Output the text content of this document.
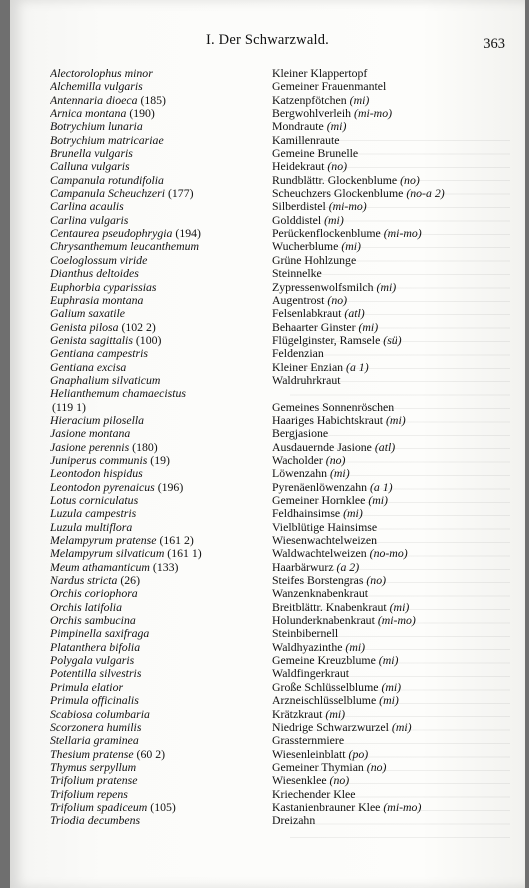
I. Der Schwarzwald.	363
Alectorolophus minor	Kleiner Klappertopf
Alchemilla vulgaris	Gemeiner Frauenmantel
Antennaria dioeca (185)	Katzenpfötchen (mi)
Arnica montana (190)	Bergwohlverleih (mi-mo)
Botrychium lunaria	Mondraute (mi)
Botrychium matricariae	Kamillenraute
Brunella vulgaris	Gemeine Brunelle
Calluna vulgaris	Heidekraut (no)
Campanula rotundifolia	Rundblättr. Glockenblume (no)
Campanula Scheuchzeri (177)	Scheuchzers Glockenblume (no-a 2)
Carlina acaulis	Silberdistel (mi-mo)
Carlina vulgaris	Golddistel (mi)
Centaurea pseudophrygia (194)	Perückenflockenblume (mi-mo)
Chrysanthemum leucanthemum	Wucherblume (mi)
Coeloglossum viride	Grüne Hohlzunge
Dianthus deltoides	Steinnelke
Euphorbia cyparissias	Zypressenwolfsmilch (mi)
Euphrasia montana	Augentrost (no)
Galium saxatile	Felsenlabkraut (atl)
Genista pilosa (102 2)	Behaarter Ginster (mi)
Genista sagittalis (100)	Flügelginster, Ramsele (sü)
Gentiana campestris	Feldenzian
Gentiana excisa	Kleiner Enzian (a 1)
Gnaphalium silvaticum	Waldruhrkraut
Helianthemum chamaecistus
(119 1)	Gemeines Sonnenröschen
Hieracium pilosella	Haariges Habichtskraut (mi)
Jasione montana	Bergjasione
Jasione perennis (180)	Ausdauernde Jasione (atl)
Juniperus communis (19)	Wacholder (no)
Leontodon hispidus	Löwenzahn (mi)
Leontodon pyrenaicus (196)	Pyrenäenlöwenzahn (a 1)
Lotus corniculatus	Gemeiner Hornklee (mi)
Luzula campestris	Feldhainsimse (mi)
Luzula multiflora	Vielblütige Hainsimse
Melampyrum pratense (161 2)	Wiesenwachtelweizen
Melampyrum silvaticum (161 1)	Waldwachtelweizen (no-mo)
Meum athamanticum (133)	Haarbärwurz (a 2)
Nardus stricta (26)	Steifes Borstengras (no)
Orchis coriophora	Wanzenknabenkraut
Orchis latifolia	Breitblättr. Knabenkraut (mi)
Orchis sambucina	Holunderknabenkraut (mi-mo)
Pimpinella saxifraga	Steinbibernell
Platanthera bifolia	Waldhyazinthe (mi)
Polygala vulgaris	Gemeine Kreuzblume (mi)
Potentilla silvestris	Waldfingerkraut
Primula elatior	Große Schlüsselblume (mi)
Primula officinalis	Arzneischlüsselblume (mi)
Scabiosa columbaria	Krätzkraut (mi)
Scorzonera humilis	Niedrige Schwarzwurzel (mi)
Stellaria graminea	Grassternmiere
Thesium pratense (60 2)	Wiesenleinblatt (po)
Thymus serpyllum	Gemeiner Thymian (no)
Trifolium pratense	Wiesenklee (no)
Trifolium repens	Kriechender Klee
Trifolium spadiceum (105)	Kastanienbrauner Klee (mi-mo)
Triodia decumbens	Dreizahn
